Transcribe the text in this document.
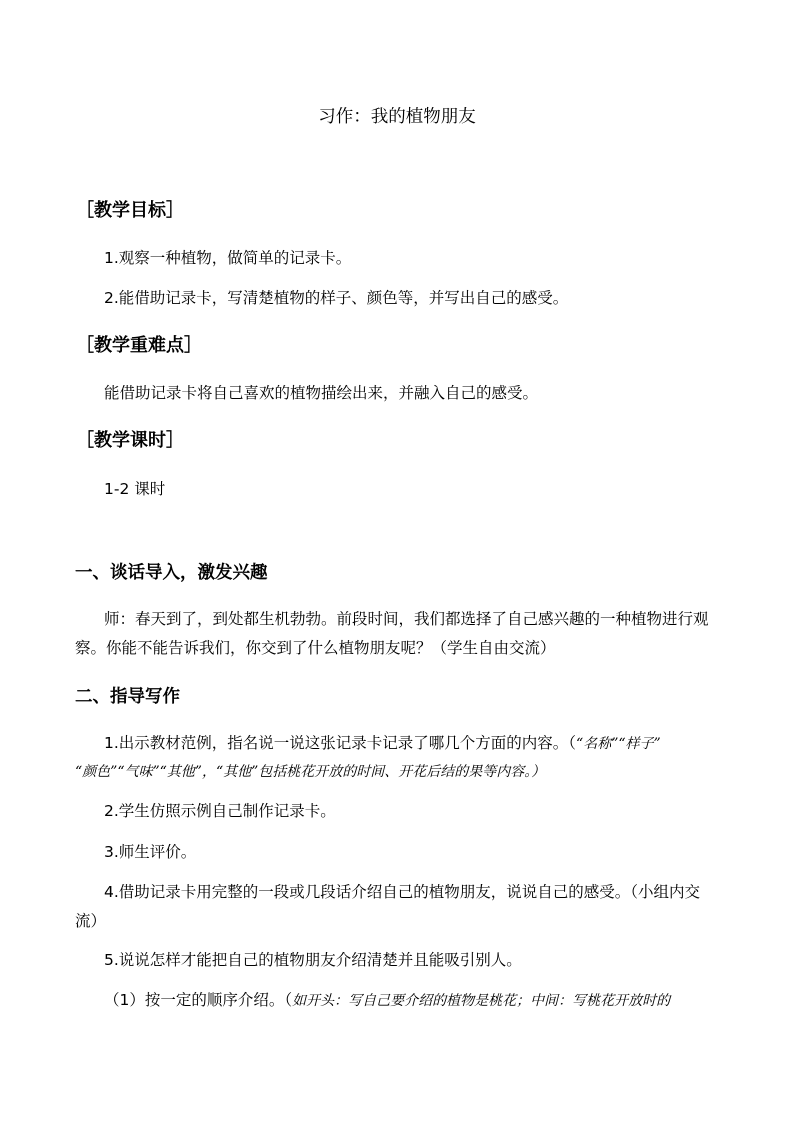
习作：我的植物朋友
［教学目标］
1.观察一种植物，做简单的记录卡。
2.能借助记录卡，写清楚植物的样子、颜色等，并写出自己的感受。
［教学重难点］
能借助记录卡将自己喜欢的植物描绘出来，并融入自己的感受。
［教学课时］
1-2 课时
一、谈话导入，激发兴趣
师：春天到了，到处都生机勃勃。前段时间，我们都选择了自己感兴趣的一种植物进行观
察。你能不能告诉我们，你交到了什么植物朋友呢？（学生自由交流）
二、指导写作
1.出示教材范例，指名说一说这张记录卡记录了哪几个方面的内容。（“名称”“样子”
“颜色”“气味”“其他”，“其他”包括桃花开放的时间、开花后结的果等内容。）
2.学生仿照示例自己制作记录卡。
3.师生评价。
4.借助记录卡用完整的一段或几段话介绍自己的植物朋友，说说自己的感受。（小组内交
流）
5.说说怎样才能把自己的植物朋友介绍清楚并且能吸引别人。
（1）按一定的顺序介绍。（如开头：写自己要介绍的植物是桃花；中间：写桃花开放时的
